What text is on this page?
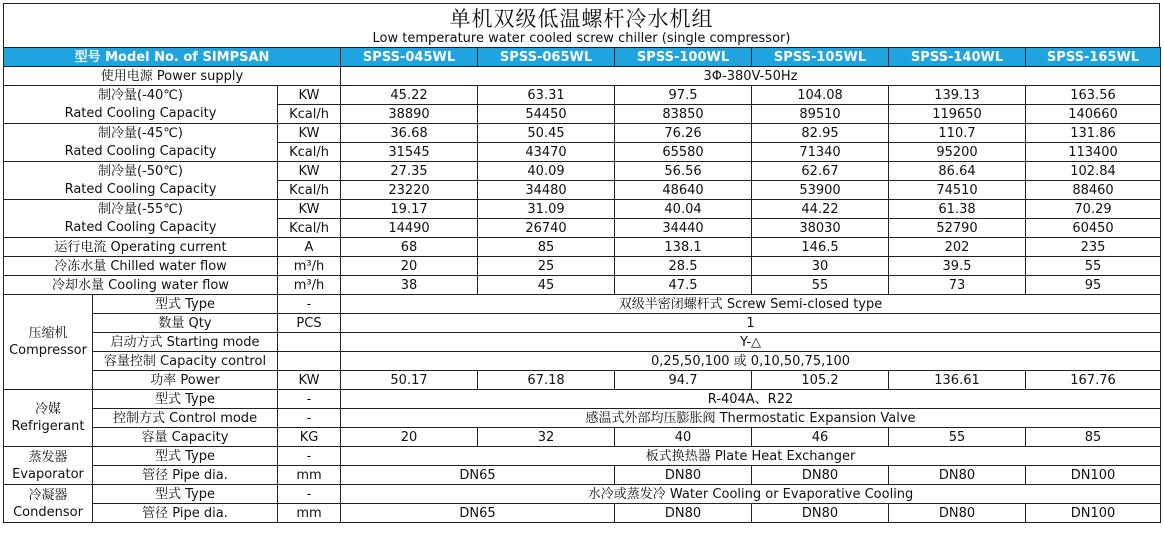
单机双级低温螺杆冷水机组
Low temperature water cooled screw chiller (single compressor)
型号 Model No. of SIMPSAN			SPSS-045WL	SPSS-065WL	SPSS-100WL	SPSS-105WL	SPSS-140WL	SPSS-165WL
使用电源 Power supply			3Φ-380V-50Hz					

制冷量(-40℃)
Rated Cooling Capacity		KW	45.22	63.31	97.5	104.08	139.13	163.56
		Kcal/h	38890	54450	83850	89510	119650	140660

制冷量(-45℃)
Rated Cooling Capacity		KW	36.68	50.45	76.26	82.95	110.7	131.86
		Kcal/h	31545	43470	65580	71340	95200	113400

制冷量(-50℃)
Rated Cooling Capacity		KW	27.35	40.09	56.56	62.67	86.64	102.84
		Kcal/h	23220	34480	48640	53900	74510	88460

制冷量(-55℃)
Rated Cooling Capacity		KW	19.17	31.09	40.04	44.22	61.38	70.29
		Kcal/h	14490	26740	34440	38030	52790	60450
运行电流 Operating current		A	68	85	138.1	146.5	202	235
冷冻水量 Chilled water flow		m³/h	20	25	28.5	30	39.5	55
冷却水量 Cooling water flow		m³/h	38	45	47.5	55	73	95

压缩机
Compressor	型式 Type	-	双级半密闭螺杆式 Screw Semi-closed type					
	数量 Qty	PCS	1					
	启动方式 Starting mode		Y-△					
	容量控制 Capacity control		0,25,50,100 或 0,10,50,75,100					
	功率 Power	KW	50.17	67.18	94.7	105.2	136.61	167.76

冷媒
Refrigerant	型式 Type	-	R-404A、R22					
	控制方式 Control mode	-	感温式外部均压膨胀阀 Thermostatic Expansion Valve					
	容量 Capacity	KG	20	32	40	46	55	85

蒸发器
Evaporator	型式 Type	-	板式换热器 Plate Heat Exchanger					
	管径 Pipe dia.	mm	DN65		DN80	DN80	DN80	DN100

冷凝器
Condensor	型式 Type	-	水冷或蒸发冷 Water Cooling or Evaporative Cooling					
	管径 Pipe dia.	mm	DN65		DN80	DN80	DN80	DN100
